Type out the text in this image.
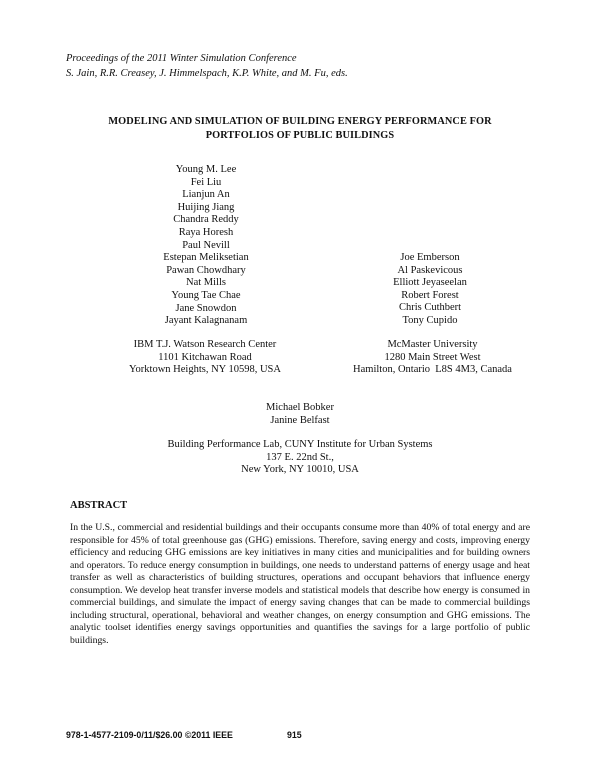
Proceedings of the 2011 Winter Simulation Conference
S. Jain, R.R. Creasey, J. Himmelspach, K.P. White, and M. Fu, eds.
MODELING AND SIMULATION OF BUILDING ENERGY PERFORMANCE FOR
PORTFOLIOS OF PUBLIC BUILDINGS
Young M. Lee
Fei Liu
Lianjun An
Huijing Jiang
Chandra Reddy
Raya Horesh
Paul Nevill
Estepan Meliksetian
Pawan Chowdhary
Nat Mills
Young Tae Chae
Jane Snowdon
Jayant Kalagnanam
Joe Emberson
Al Paskevicous
Elliott Jeyaseelan
Robert Forest
Chris Cuthbert
Tony Cupido
IBM T.J. Watson Research Center
1101 Kitchawan Road
Yorktown Heights, NY 10598, USA
McMaster University
1280 Main Street West
Hamilton, Ontario  L8S 4M3, Canada
Michael Bobker
Janine Belfast
Building Performance Lab, CUNY Institute for Urban Systems
137 E. 22nd St.,
New York, NY 10010, USA
ABSTRACT
In the U.S., commercial and residential buildings and their occupants consume more than 40% of total energy and are responsible for 45% of total greenhouse gas (GHG) emissions. Therefore, saving energy and costs, improving energy efficiency and reducing GHG emissions are key initiatives in many cities and municipalities and for building owners and operators. To reduce energy consumption in buildings, one needs to understand patterns of energy usage and heat transfer as well as characteristics of building structures, operations and occupant behaviors that influence energy consumption. We develop heat transfer inverse models and statistical models that describe how energy is consumed in commercial buildings, and simulate the impact of energy saving changes that can be made to commercial buildings including structural, operational, behavioral and weather changes, on energy consumption and GHG emissions. The analytic toolset identifies energy savings opportunities and quantifies the savings for a large portfolio of public buildings.
978-1-4577-2109-0/11/$26.00 ©2011 IEEE	915
